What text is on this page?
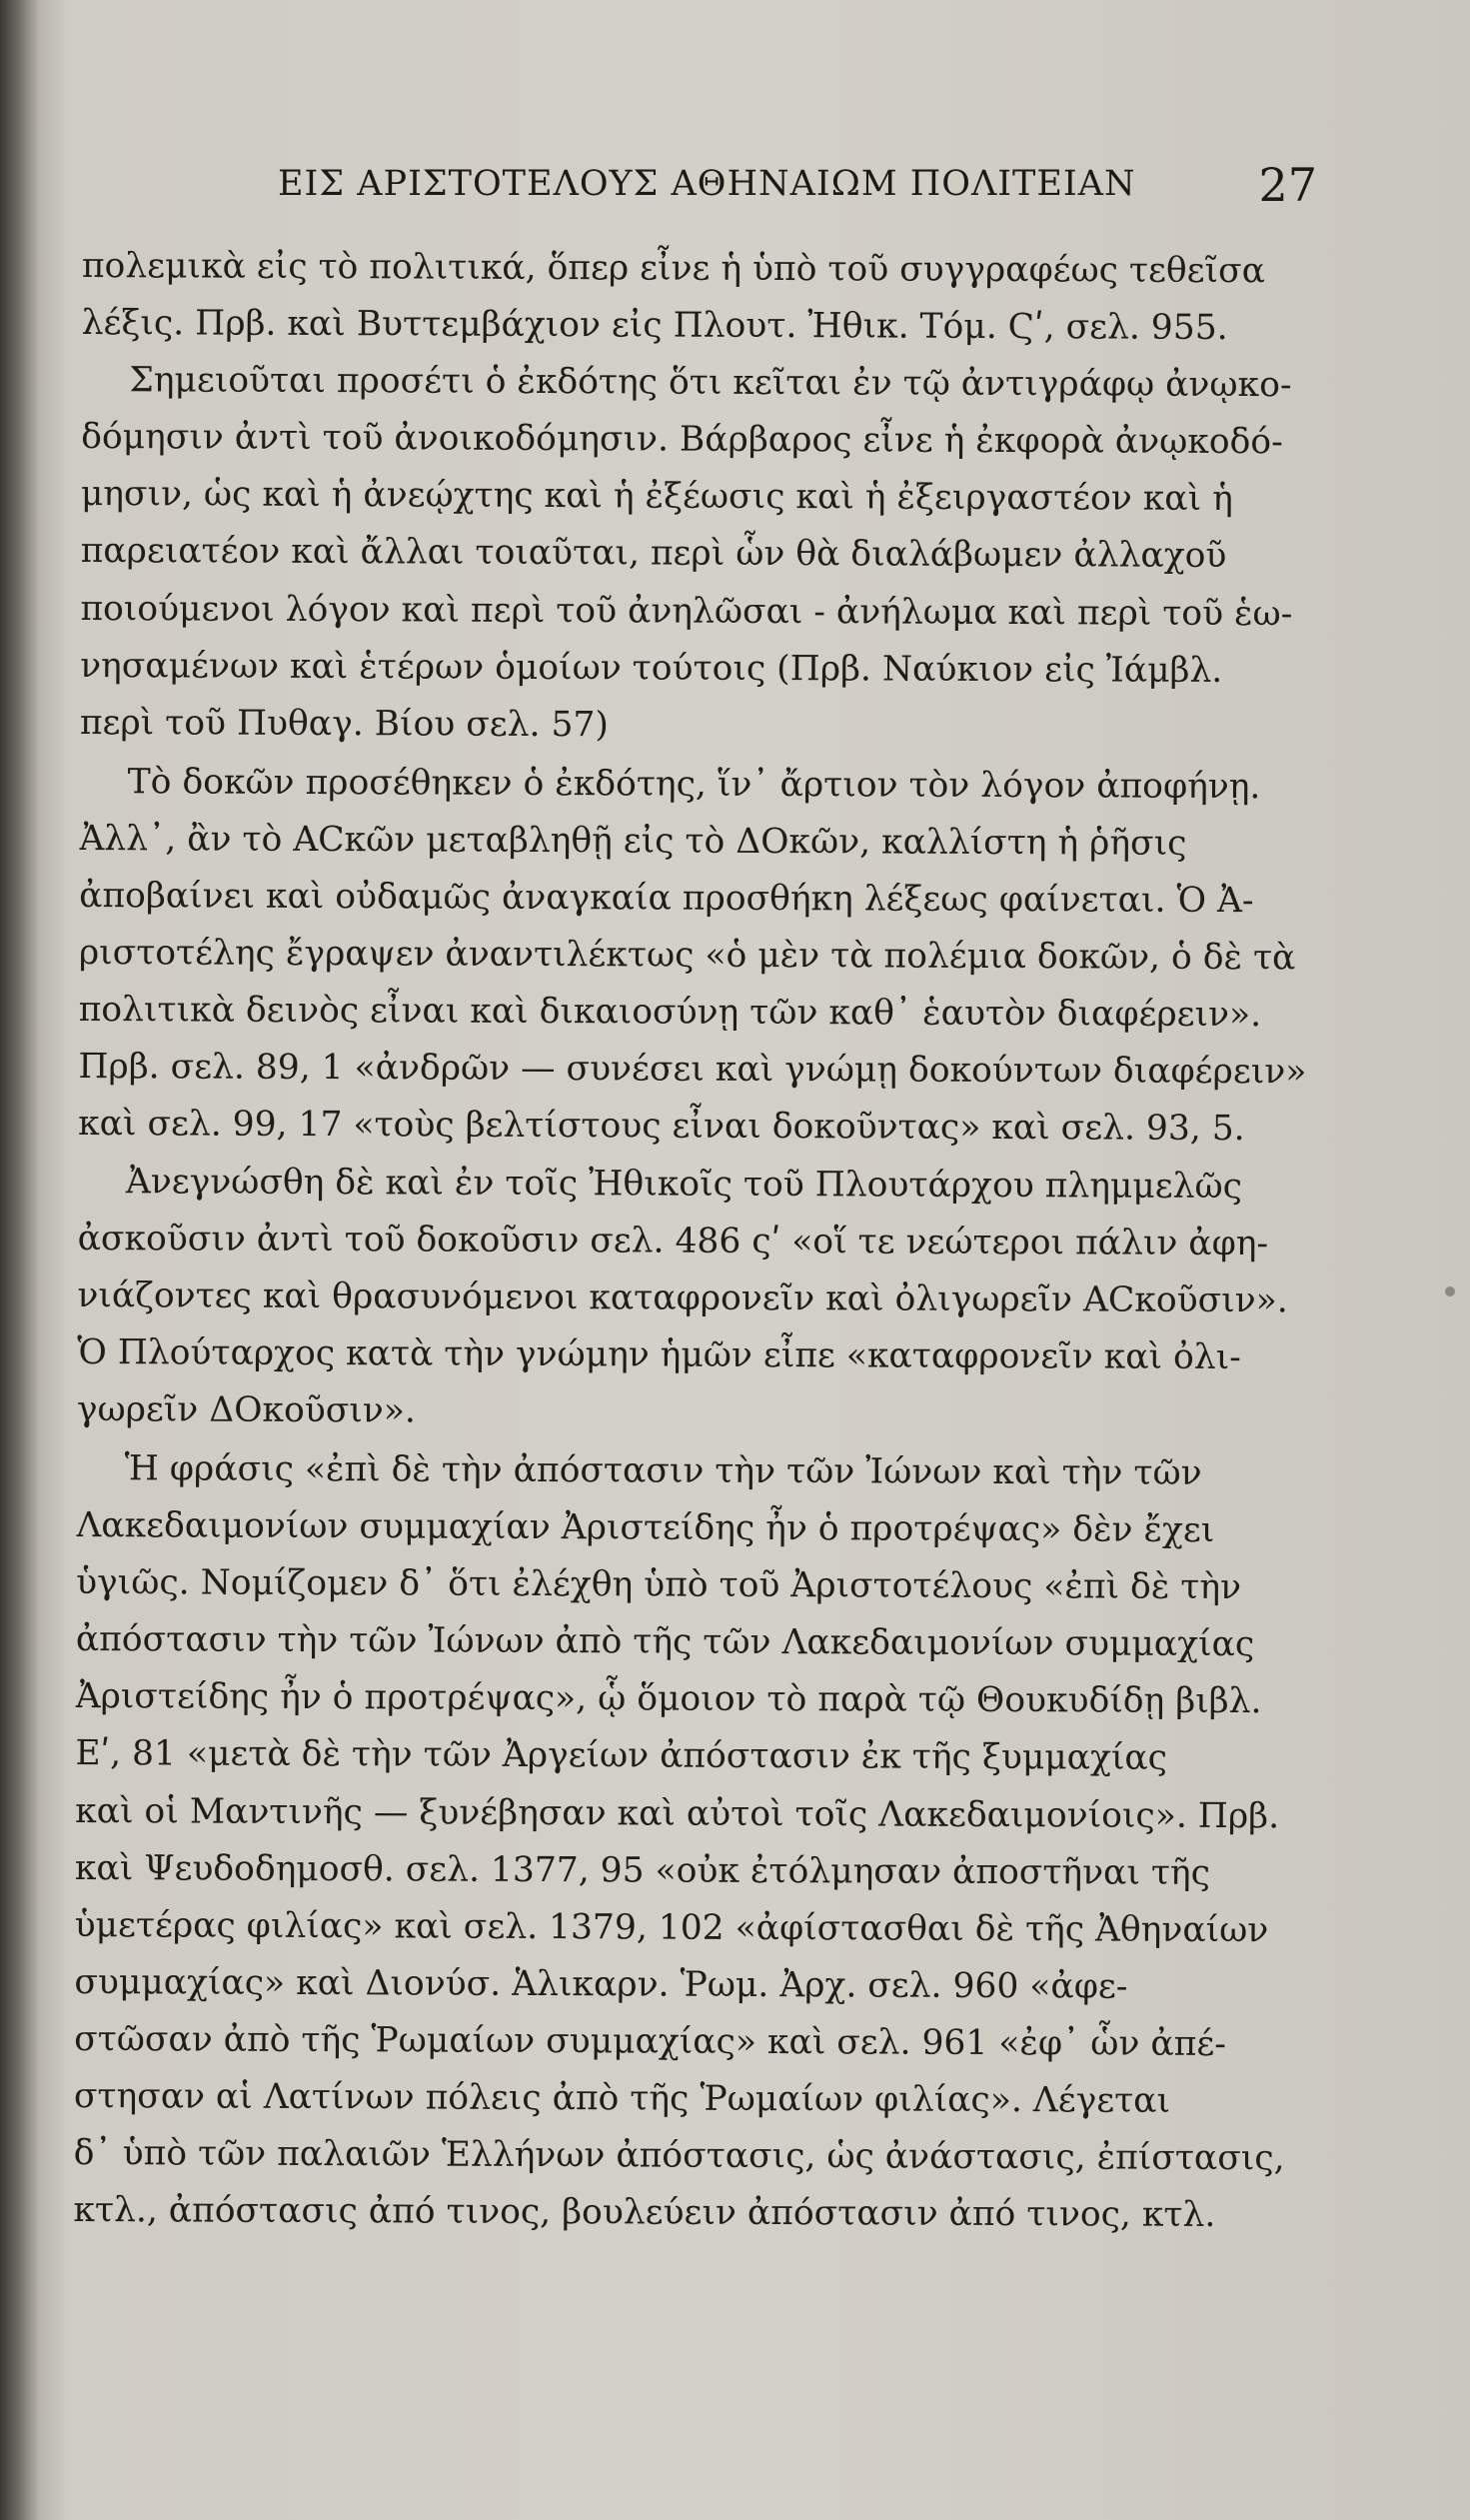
ΕΙΣ ΑΡΙΣΤΟΤΕΛΟΥΣ ΑΘΗΝΑΙΩΜ ΠΟΛΙΤΕΙΑΝ	27
πολεμικὰ εἰς τὸ πολιτικά, ὅπερ εἶνε ἡ ὑπὸ τοῦ συγγραφέως τεθεῖσα
λέξις. Πρβ. καὶ Βυττεμβάχιον εἰς Πλουτ. Ἠθικ. Τόμ. Ϛʹ, σελ. 955.
Σημειοῦται προσέτι ὁ ἐκδότης ὅτι κεῖται ἐν τῷ ἀντιγράφῳ ἀνῳκο-
δόμησιν ἀντὶ τοῦ ἀνοικοδόμησιν. Βάρβαρος εἶνε ἡ ἐκφορὰ ἀνῳκοδό-
μησιν, ὡς καὶ ἡ ἀνεῴχτης καὶ ἡ ἐξέωσις καὶ ἡ ἐξειργαστέον καὶ ἡ
παρειατέον καὶ ἄλλαι τοιαῦται, περὶ ὧν θὰ διαλάβωμεν ἀλλαχοῦ
ποιούμενοι λόγον καὶ περὶ τοῦ ἀνηλῶσαι - ἀνήλωμα καὶ περὶ τοῦ ἑω-
νησαμένων καὶ ἑτέρων ὁμοίων τούτοις (Πρβ. Ναύκιον εἰς Ἰάμβλ.
περὶ τοῦ Πυθαγ. Βίου σελ. 57)
Τὸ δοκῶν προσέθηκεν ὁ ἐκδότης, ἵν᾽ ἄρτιον τὸν λόγον ἀποφήνῃ.
Ἀλλ᾽, ἂν τὸ ΑCκῶν μεταβληθῇ εἰς τὸ ΔOκῶν, καλλίστη ἡ ῥῆσις
ἀποβαίνει καὶ οὐδαμῶς ἀναγκαία προσθήκη λέξεως φαίνεται. Ὁ Ἀ-
ριστοτέλης ἔγραψεν ἀναντιλέκτως «ὁ μὲν τὰ πολέμια δοκῶν, ὁ δὲ τὰ
πολιτικὰ δεινὸς εἶναι καὶ δικαιοσύνῃ τῶν καθ᾽ ἑαυτὸν διαφέρειν».
Πρβ. σελ. 89, 1 «ἀνδρῶν — συνέσει καὶ γνώμῃ δοκούντων διαφέρειν»
καὶ σελ. 99, 17 «τοὺς βελτίστους εἶναι δοκοῦντας» καὶ σελ. 93, 5.
Ἀνεγνώσθη δὲ καὶ ἐν τοῖς Ἠθικοῖς τοῦ Πλουτάρχου πλημμελῶς
ἀσκοῦσιν ἀντὶ τοῦ δοκοῦσιν σελ. 486 ςʹ «οἵ τε νεώτεροι πάλιν ἀφη-
νιάζοντες καὶ θρασυνόμενοι καταφρονεῖν καὶ ὀλιγωρεῖν ΑCκοῦσιν».
Ὁ Πλούταρχος κατὰ τὴν γνώμην ἡμῶν εἶπε «καταφρονεῖν καὶ ὀλι-
γωρεῖν ΔOκοῦσιν».
Ἡ φράσις «ἐπὶ δὲ τὴν ἀπόστασιν τὴν τῶν Ἰώνων καὶ τὴν τῶν
Λακεδαιμονίων συμμαχίαν Ἀριστείδης ἦν ὁ προτρέψας» δὲν ἔχει
ὑγιῶς. Νομίζομεν δ᾽ ὅτι ἐλέχθη ὑπὸ τοῦ Ἀριστοτέλους «ἐπὶ δὲ τὴν
ἀπόστασιν τὴν τῶν Ἰώνων ἀπὸ τῆς τῶν Λακεδαιμονίων συμμαχίας
Ἀριστείδης ἦν ὁ προτρέψας», ᾧ ὅμοιον τὸ παρὰ τῷ Θουκυδίδῃ βιβλ.
Εʹ, 81 «μετὰ δὲ τὴν τῶν Ἀργείων ἀπόστασιν ἐκ τῆς ξυμμαχίας
καὶ οἱ Μαντινῆς — ξυνέβησαν καὶ αὐτοὶ τοῖς Λακεδαιμονίοις». Πρβ.
καὶ Ψευδοδημοσθ. σελ. 1377, 95 «οὐκ ἐτόλμησαν ἀποστῆναι τῆς
ὑμετέρας φιλίας» καὶ σελ. 1379, 102 «ἀφίστασθαι δὲ τῆς Ἀθηναίων
συμμαχίας» καὶ Διονύσ. Ἁλικαρν. Ῥωμ. Ἀρχ. σελ. 960 «ἀφε-
στῶσαν ἀπὸ τῆς Ῥωμαίων συμμαχίας» καὶ σελ. 961 «ἐφ᾽ ὧν ἀπέ-
στησαν αἱ Λατίνων πόλεις ἀπὸ τῆς Ῥωμαίων φιλίας». Λέγεται
δ᾽ ὑπὸ τῶν παλαιῶν Ἑλλήνων ἀπόστασις, ὡς ἀνάστασις, ἐπίστασις,
κτλ., ἀπόστασις ἀπό τινος, βουλεύειν ἀπόστασιν ἀπό τινος, κτλ.
